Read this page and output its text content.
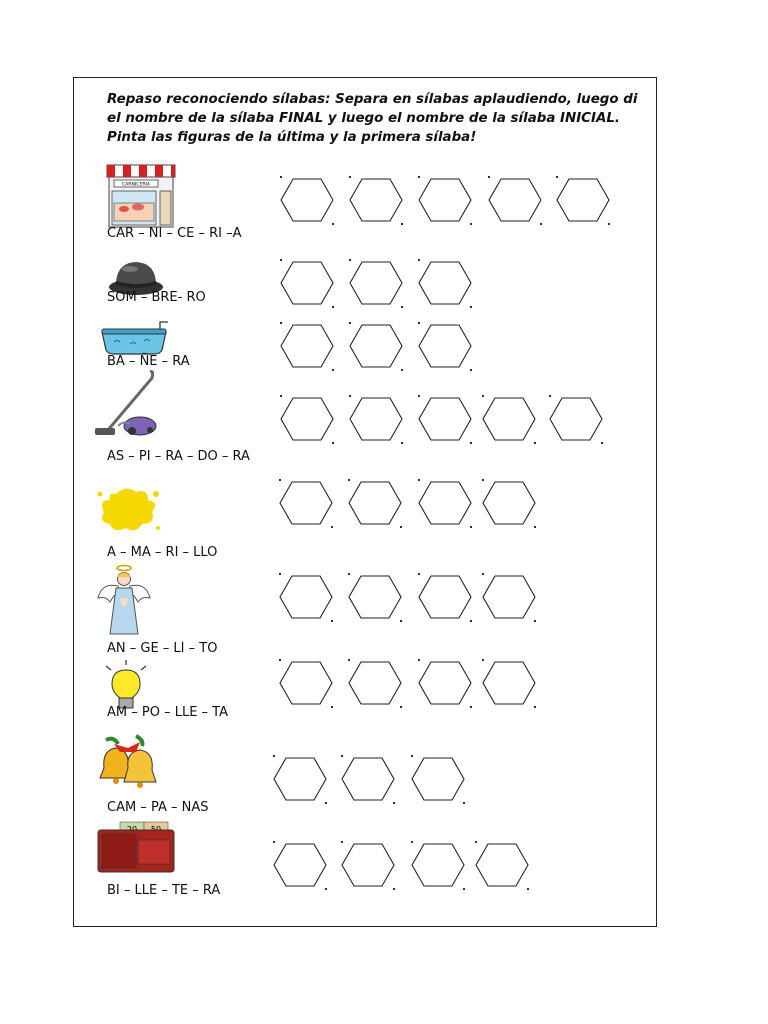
Repaso reconociendo sílabas: Separa en sílabas aplaudiendo, luego di
el nombre de la sílaba FINAL y luego el nombre de la sílaba INICIAL.
Pinta las figuras de la última y la primera sílaba!
CARNICERIA
CAR – NI – CE – RI –A
SOM – BRE- RO
BA – ÑE – RA
AS – PI – RA – DO – RA
A – MA – RI – LLO
AN – GE – LI – TO
AM – PO – LLE – TA
CAM – PA – NAS
BI – LLE – TE – RA
